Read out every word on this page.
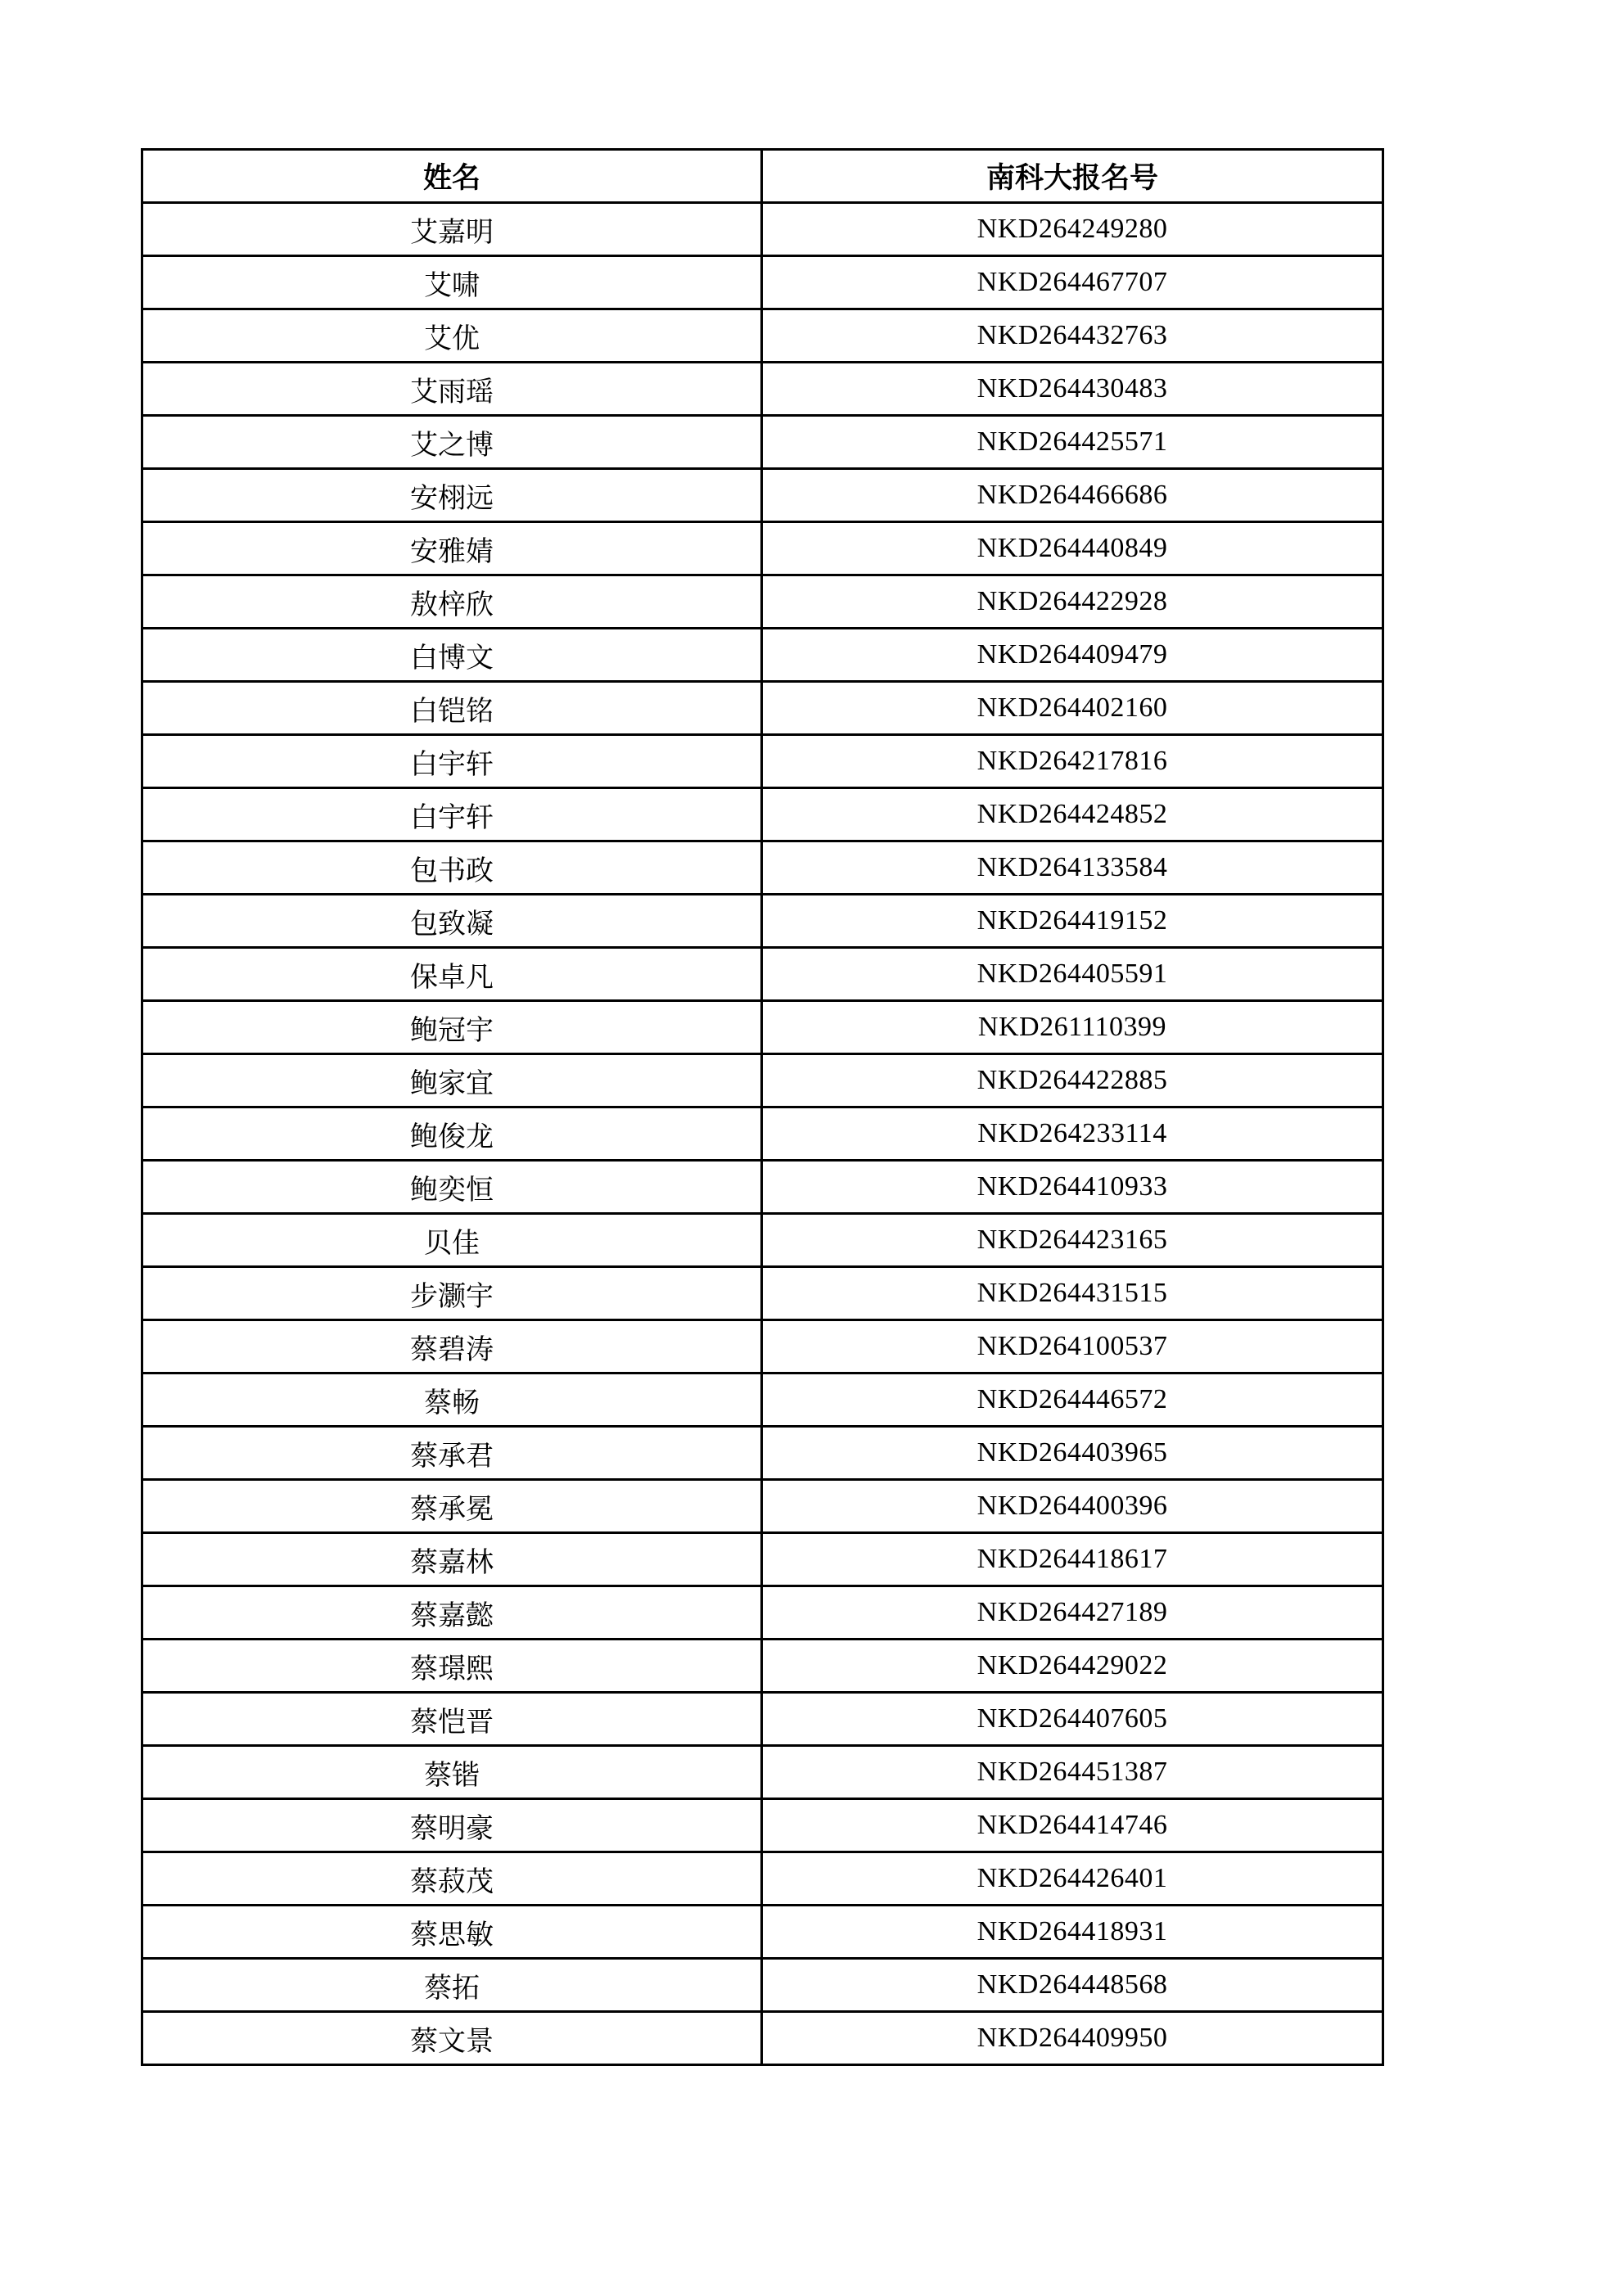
姓名	南科大报名号
艾嘉明	NKD264249280
艾啸	NKD264467707
艾优	NKD264432763
艾雨瑶	NKD264430483
艾之博	NKD264425571
安栩远	NKD264466686
安雅婧	NKD264440849
敖梓欣	NKD264422928
白博文	NKD264409479
白铠铭	NKD264402160
白宇轩	NKD264217816
白宇轩	NKD264424852
包书政	NKD264133584
包致凝	NKD264419152
保卓凡	NKD264405591
鲍冠宇	NKD261110399
鲍家宜	NKD264422885
鲍俊龙	NKD264233114
鲍奕恒	NKD264410933
贝佳	NKD264423165
步灏宇	NKD264431515
蔡碧涛	NKD264100537
蔡畅	NKD264446572
蔡承君	NKD264403965
蔡承冕	NKD264400396
蔡嘉林	NKD264418617
蔡嘉懿	NKD264427189
蔡璟熙	NKD264429022
蔡恺晋	NKD264407605
蔡锴	NKD264451387
蔡明豪	NKD264414746
蔡菽茂	NKD264426401
蔡思敏	NKD264418931
蔡拓	NKD264448568
蔡文景	NKD264409950
